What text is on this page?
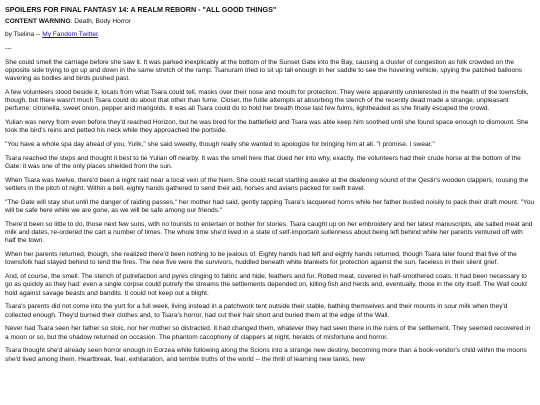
SPOILERS FOR FINAL FANTASY 14: A REALM REBORN - "ALL GOOD THINGS"
CONTENT WARNING: Death, Body Horror
by Tselina -- My Fandom Twitter.
---

She could smell the carriage before she saw it. It was parked inexplicably at the bottom of the Sunset Gate into the Bay, causing a cluster of congestion as folk crowded on the opposite side trying to go up and down in the same stretch of the ramp. Tsanuram tried to sit up tall enough in her saddle to see the hovering vehicle, spying the patched balloons wavering as bodies and birds pushed past.

A few volunteers stood beside it, locals from what Tsara could tell, masks over their nose and mouth for protection. They were apparently uninterested in the health of the townsfolk, though, but there wasn't much Tsara could do about that other than fume. Closer, the futile attempts at absorbing the stench of the recently dead made a strange, unpleasant perfume: citronella, sweet onion, pepper and marigolds. It was all Tsara could do to hold her breath those last few fulms, lightheaded as she finally escaped the crowd.

Yulian was nervy from even before they'd reached Horizon, but he was bred for the battlefield and Tsara was able keep him soothed until she found space enough to dismount. She took the bird's reins and petted his neck while they approached the portside.

"You have a whole spa day ahead of you, Yulik," she said sweetly, though really she wanted to apologize for bringing him at all. "I promise. I swear."

Tsara reached the steps and thought it best to tie Yulian off nearby. It was the smell here that clued her into why, exactly, the volunteers had their crude horse at the bottom of the Gate: it was one of the only places shielded from the sun.

When Tsara was twelve, there'd been a night raid near a local vein of the Nem. She could recall startling awake at the deafening sound of the Qestir's wooden clappers, rousing the settlers in the pitch of night. Within a bell, eighty hands gathered to send their aid, horses and avians packed for swift travel.

"The Gate will stay shut until the danger of raiding passes," her mother had said, gently tapping Tsara's lacquered horns while her father bustled noisily to pack their draft mount. "You will be safe here while we are gone, as we will be safe among our friends."

There'd been so little to do, those next few suns, with no tourists to entertain or bother for stories. Tsara caught up on her embroidery and her latest manuscripts, ate salted meat and milk and dates, re-ordered the cart a number of times. The whole time she'd lived in a state of self-important sullenness about being left behind while her parents ventured off with half the town.

When her parents returned, though, she realized there'd been nothing to be jealous of. Eighty hands had left and eighty hands returned, though Tsara later found that five of the townsfolk had stayed behind to tend the fires. The new five were the survivors, huddled beneath white blankets for protection against the sun, faceless in their silent grief.

And, of course, the smell. The stench of putrefaction and pyres clinging to fabric and hide, feathers and fur. Rotted meat, covered in half-smothered coals. It had been necessary to go as quickly as they had: even a single corpse could putrefy the streams the settlements depended on, killing fish and herds and, eventually, those in the city itself. The Wall could hold against savage beasts and bandits. It could not keep out a blight.

Tsara's parents did not come into the yurt for a full week, living instead in a patchwork tent outside their stable, bathing themselves and their mounts in sour milk when they'd collected enough. They'd burned their clothes and, to Tsara's horror, had cut their hair short and buried them at the edge of the Wall.

Never had Tsara seen her father so stoic, nor her mother so distracted. It had changed them, whatever they had seen there in the ruins of the settlement. They seemed recovered in a moon or so, but the shadow returned on occasion. The phantom cacophony of clappers at night, heralds of misfortune and horror.

Tsara thought she'd already seen horror enough in Eorzea while following along the Scions into a strange new destiny, becoming more than a book-vendor's child within the moons she'd lived among them. Heartbreak, fear, exhilaration, and terrible truths of the world -- the thrill of learning new tanks, new
